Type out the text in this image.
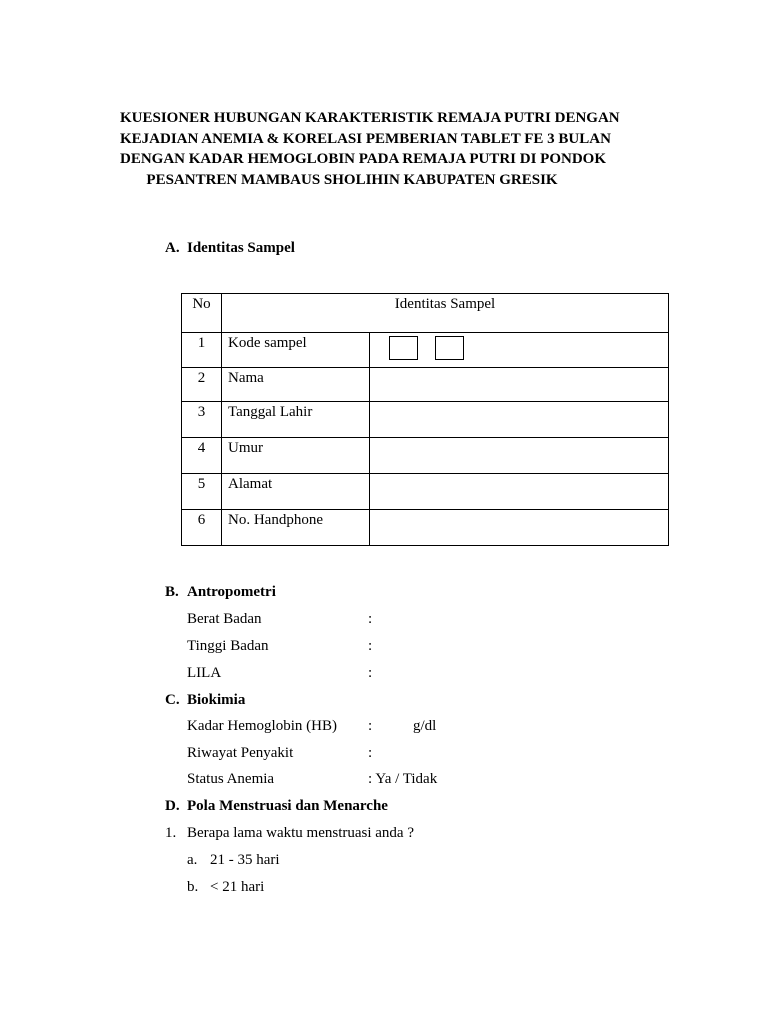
KUESIONER HUBUNGAN KARAKTERISTIK REMAJA PUTRI DENGAN
KEJADIAN ANEMIA & KORELASI PEMBERIAN TABLET FE 3 BULAN
DENGAN KADAR HEMOGLOBIN PADA REMAJA PUTRI DI PONDOK
PESANTREN MAMBAUS SHOLIHIN KABUPATEN GRESIK
A. Identitas Sampel
No	Identitas Sampel	
1	Kode sampel	

2	Nama	
3	Tanggal Lahir	
4	Umur	
5	Alamat	
6	No. Handphone	
B. Antropometri
Berat Badan	:
Tinggi Badan	:
LILA	:
C. Biokimia
Kadar Hemoglobin (HB) :	g/dl
Riwayat Penyakit	:
Status Anemia	: Ya / Tidak
D. Pola Menstruasi dan Menarche
1. Berapa lama waktu menstruasi anda ?
a. 21 - 35 hari
b. < 21 hari
